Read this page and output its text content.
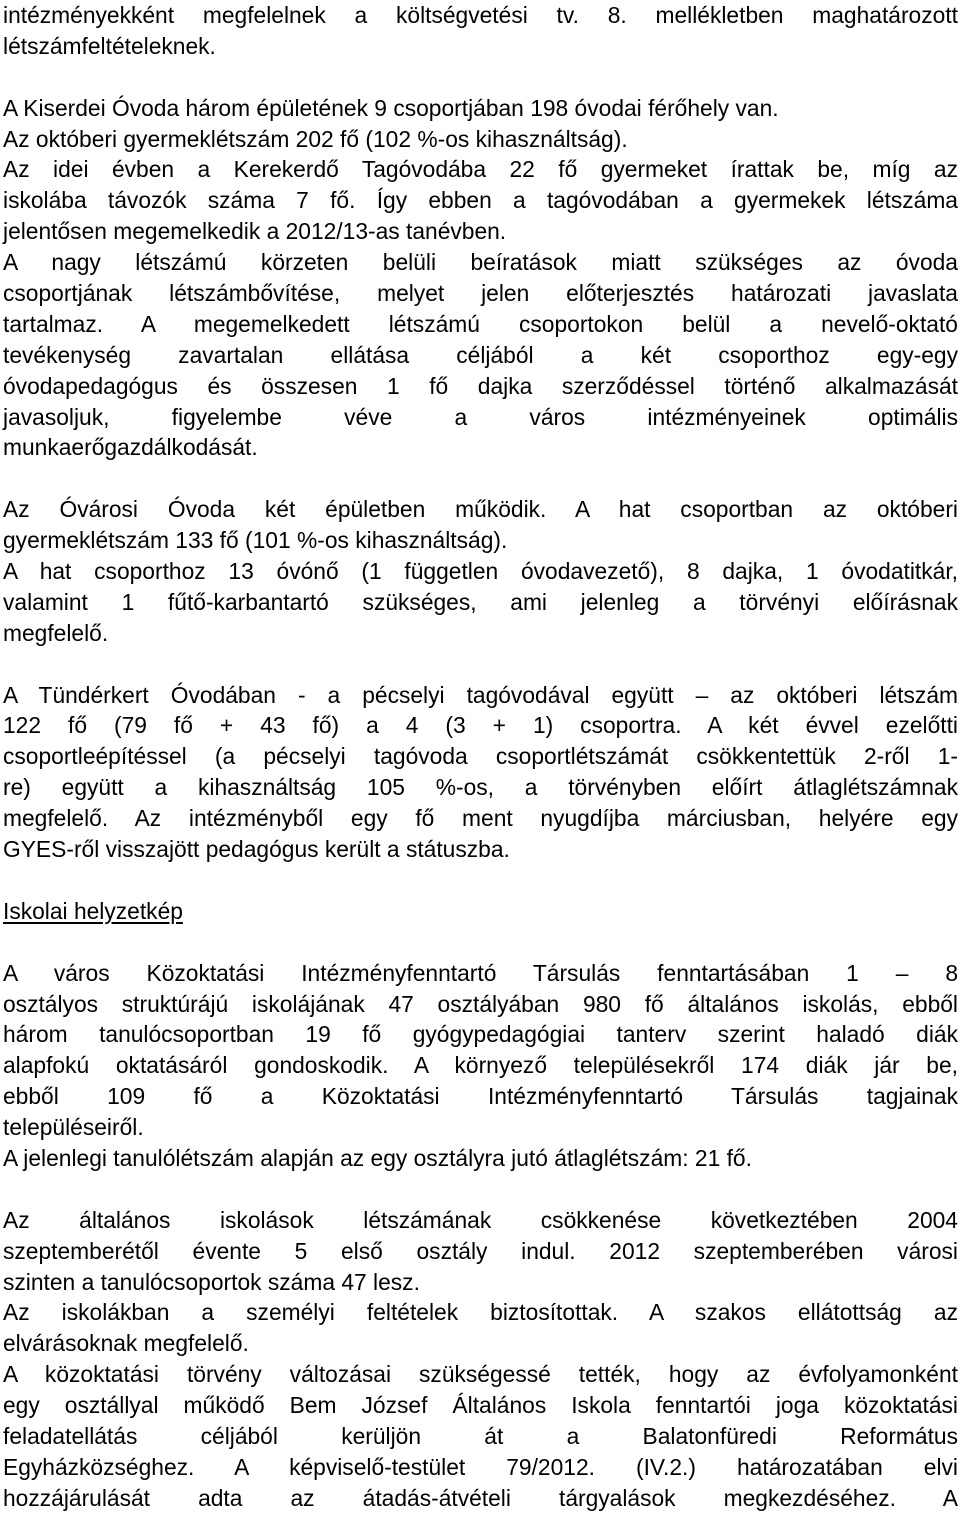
intézményekként megfelelnek a költségvetési tv. 8. mellékletben maghatározott
létszámfeltételeknek.
A Kiserdei Óvoda három épületének 9 csoportjában 198 óvodai férőhely van.
Az októberi gyermeklétszám 202 fő (102 %-os kihasználtság).
Az idei évben a Kerekerdő Tagóvodába 22 fő gyermeket írattak be, míg az
iskolába távozók száma 7 fő. Így ebben a tagóvodában a gyermekek létszáma
jelentősen megemelkedik a 2012/13-as tanévben.
A nagy létszámú körzeten belüli beíratások miatt szükséges az óvoda
csoportjának létszámbővítése, melyet jelen előterjesztés határozati javaslata
tartalmaz. A megemelkedett létszámú csoportokon belül a nevelő-oktató
tevékenység zavartalan ellátása céljából a két csoporthoz egy-egy
óvodapedagógus és összesen 1 fő dajka szerződéssel történő alkalmazását
javasoljuk, figyelembe véve a város intézményeinek optimális
munkaerőgazdálkodását.
Az Óvárosi Óvoda két épületben működik. A hat csoportban az októberi
gyermeklétszám 133 fő (101 %-os kihasználtság).
A hat csoporthoz 13 óvónő (1 független óvodavezető), 8 dajka, 1 óvodatitkár,
valamint 1 fűtő-karbantartó szükséges, ami jelenleg a törvényi előírásnak
megfelelő.
A Tündérkert Óvodában - a pécselyi tagóvodával együtt – az októberi létszám
122 fő (79 fő + 43 fő) a 4 (3 + 1) csoportra. A két évvel ezelőtti
csoportleépítéssel (a pécselyi tagóvoda csoportlétszámát csökkentettük 2-ről 1-
re) együtt a kihasználtság 105 %-os, a törvényben előírt átlaglétszámnak
megfelelő. Az intézményből egy fő ment nyugdíjba márciusban, helyére egy
GYES-ről visszajött pedagógus került a státuszba.
Iskolai helyzetkép
A város Közoktatási Intézményfenntartó Társulás fenntartásában 1 – 8
osztályos struktúrájú iskolájának 47 osztályában 980 fő általános iskolás, ebből
három tanulócsoportban 19 fő gyógypedagógiai tanterv szerint haladó diák
alapfokú oktatásáról gondoskodik. A környező településekről 174 diák jár be,
ebből 109 fő a Közoktatási Intézményfenntartó Társulás tagjainak
településeiről.
A jelenlegi tanulólétszám alapján az egy osztályra jutó átlaglétszám: 21 fő.
Az általános iskolások létszámának csökkenése következtében 2004
szeptemberétől évente 5 első osztály indul. 2012 szeptemberében városi
szinten a tanulócsoportok száma 47 lesz.
Az iskolákban a személyi feltételek biztosítottak. A szakos ellátottság az
elvárásoknak megfelelő.
A közoktatási törvény változásai szükségessé tették, hogy az évfolyamonként
egy osztállyal működő Bem József Általános Iskola fenntartói joga közoktatási
feladatellátás céljából kerüljön át a Balatonfüredi Református
Egyházközséghez. A képviselő-testület 79/2012. (IV.2.) határozatában elvi
hozzájárulását adta az átadás-átvételi tárgyalások megkezdéséhez. A
